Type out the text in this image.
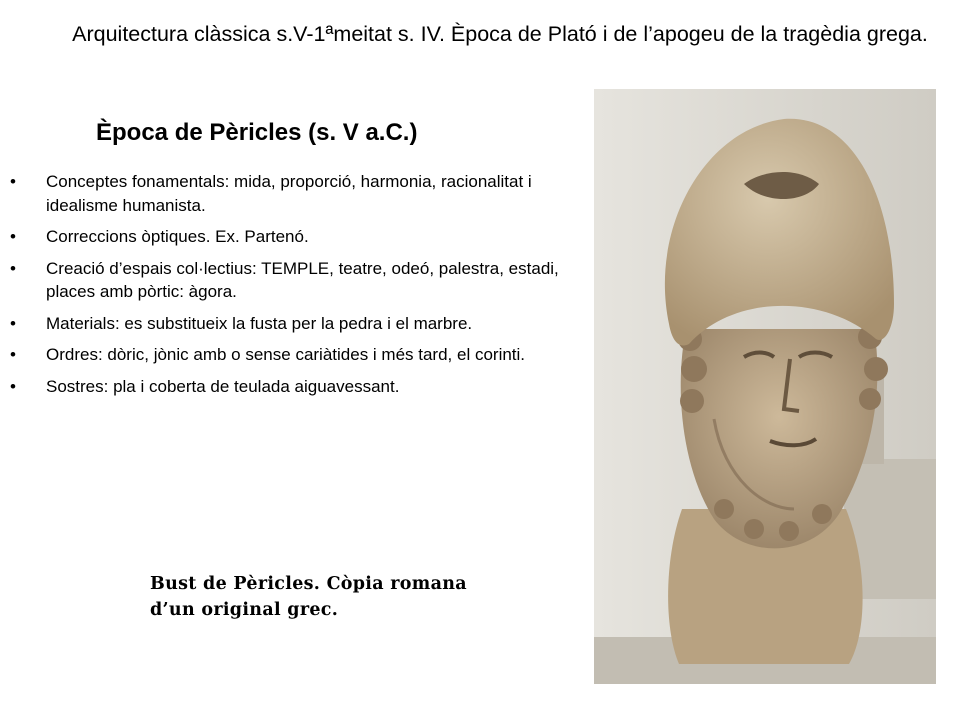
Arquitectura clàssica s.V-1ªmeitat s. IV. Època de Plató i de l’apogeu de la tragèdia grega.
Època de Pèricles (s. V a.C.)
• Conceptes fonamentals: mida, proporció, harmonia, racionalitat i idealisme humanista.
• Correccions òptiques. Ex. Partenó.
• Creació d’espais col·lectius: TEMPLE, teatre, odeó, palestra, estadi, places amb pòrtic: àgora.
• Materials: es substitueix la fusta per la pedra i el marbre.
• Ordres: dòric, jònic amb o sense cariàtides i més tard, el corinti.
• Sostres: pla i coberta de teulada aiguavessant.
Bust de Pèricles. Còpia romana
d’un original grec.
